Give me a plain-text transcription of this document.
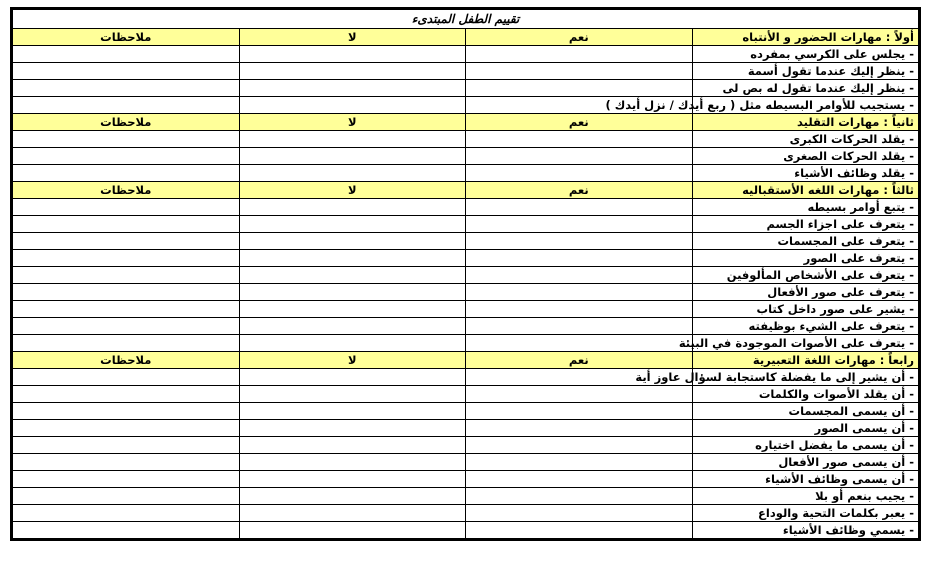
تقييم الطفل المبتدىء			
أولاً : مهارات الحضور و الأنتباه	نعم	لا	ملاحظات
- يجلس على الكرسي بمفرده			
- ينظر إليك عندما تقول أسمة			
- ينظر إليك عندما تقول له بص لى			
- يستجيب للأوامر البسيطه مثل ( ربع أيدك / نزل أيدك )			
ثانياً : مهارات التقليد	نعم	لا	ملاحظات
- يقلد الحركات الكبرى			
- يقلد الحركات الصغرى			
- يقلد وظائف الأشياء			
ثالثاً : مهارات اللغه الأستقباليه	نعم	لا	ملاحظات
- يتبع أوامر بسيطه			
- يتعرف على اجزاء الجسم			
- يتعرف على المجسمات			
- يتعرف على الصور			
- يتعرف على الأشخاص المألوفين			
- يتعرف على صور الأفعال			
- يشير على صور داخل كتاب			
- يتعرف على الشيء بوظيفته			
- يتعرف على الأصوات الموجودة في البيئة			
رابعاً : مهارات اللغة التعبيرية	نعم	لا	ملاحظات
- أن يشير إلى ما يفضلة كاستجابة لسؤال عاوز أية			
- أن يقلد الأصوات والكلمات			
- أن يسمى المجسمات			
- أن يسمى الصور			
- أن يسمى ما يفضل اختياره			
- أن يسمى صور الأفعال			
- أن يسمى وظائف الأشياء			
- يجيب بنعم أو بلا			
- يعبر بكلمات التحية والوداع			
- يسمي وظائف الأشياء			
